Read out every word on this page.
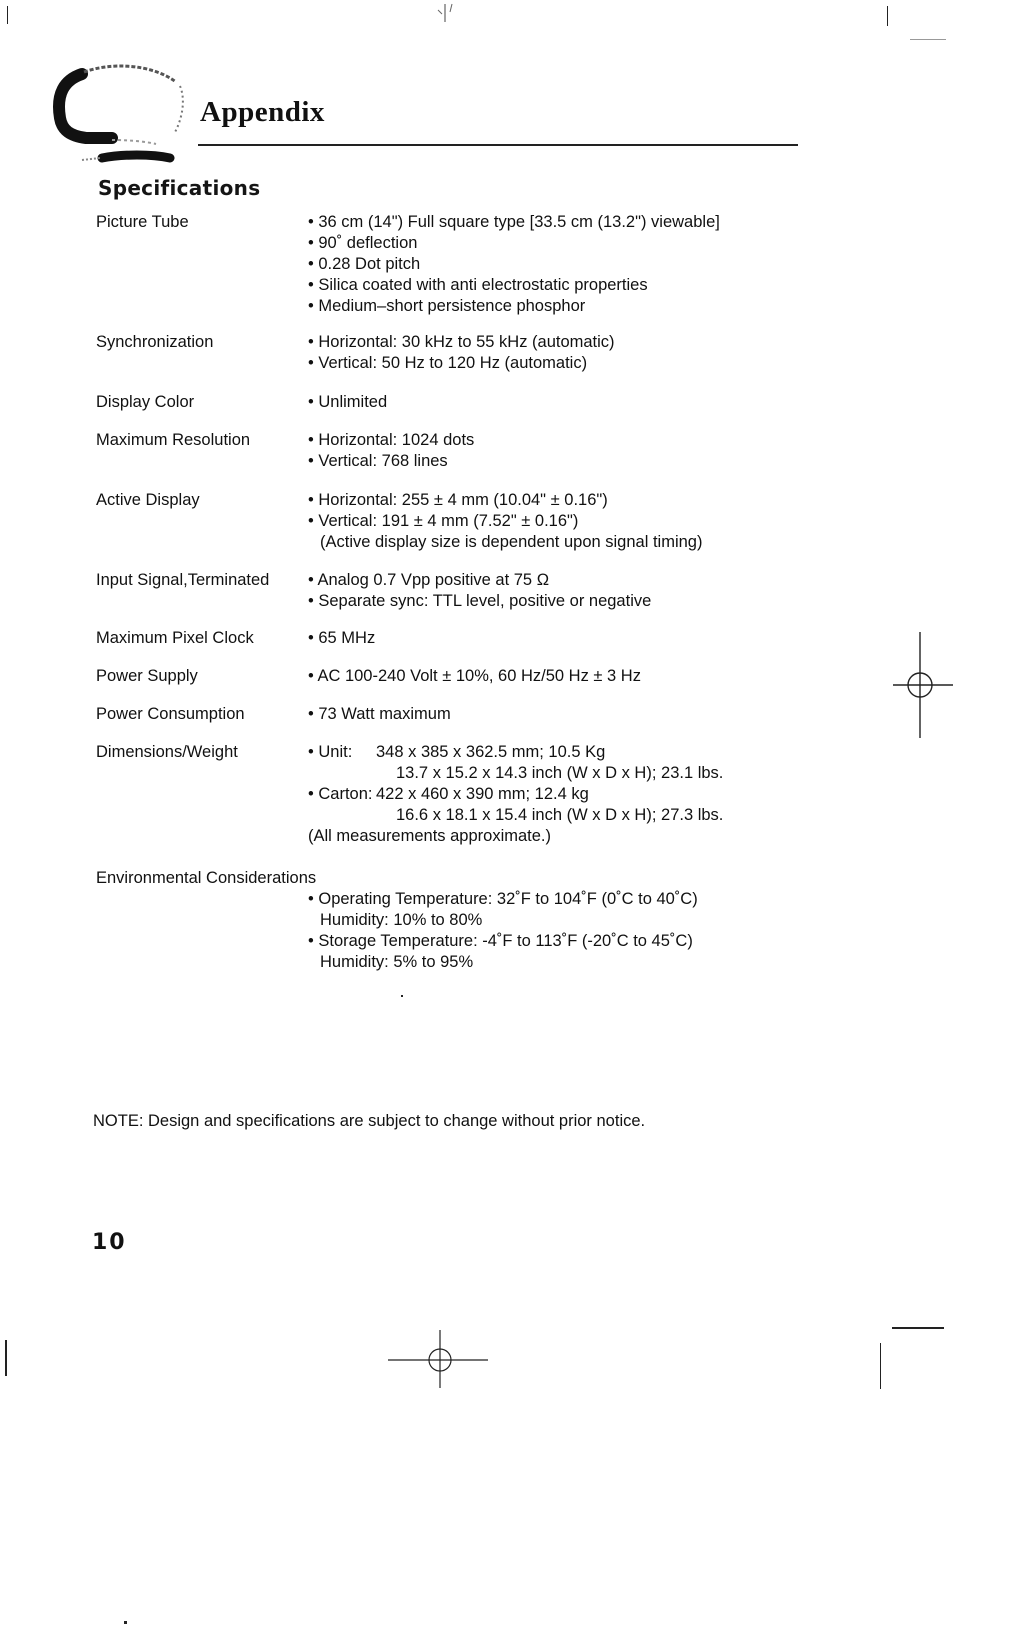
Appendix
Specifications
Picture Tube	• 36 cm (14") Full square type [33.5 cm (13.2") viewable]
• 90˚ deflection
• 0.28 Dot pitch
• Silica coated with anti electrostatic properties
• Medium–short persistence phosphor
Synchronization	• Horizontal: 30 kHz to 55 kHz (automatic)
• Vertical: 50 Hz to 120 Hz (automatic)
Display Color	• Unlimited
Maximum Resolution	• Horizontal: 1024 dots
• Vertical: 768 lines
Active Display	• Horizontal: 255 ± 4 mm (10.04" ± 0.16")
• Vertical: 191 ± 4 mm (7.52" ± 0.16")
(Active display size is dependent upon signal timing)
Input Signal,Terminated • Analog 0.7 Vpp positive at 75 Ω
• Separate sync: TTL level, positive or negative
Maximum Pixel Clock	• 65 MHz
Power Supply	• AC 100-240 Volt ± 10%, 60 Hz/50 Hz ± 3 Hz
Power Consumption	• 73 Watt maximum
Dimensions/Weight	• Unit: 348 x 385 x 362.5 mm; 10.5 Kg
13.7 x 15.2 x 14.3 inch (W x D x H); 23.1 lbs.
• Carton: 422 x 460 x 390 mm; 12.4 kg
16.6 x 18.1 x 15.4 inch (W x D x H); 27.3 lbs.
(All measurements approximate.)
Environmental Considerations
• Operating Temperature: 32˚F to 104˚F (0˚C to 40˚C)
Humidity: 10% to 80%
• Storage Temperature: -4˚F to 113˚F (-20˚C to 45˚C)
Humidity: 5% to 95%
NOTE: Design and specifications are subject to change without prior notice.
10
